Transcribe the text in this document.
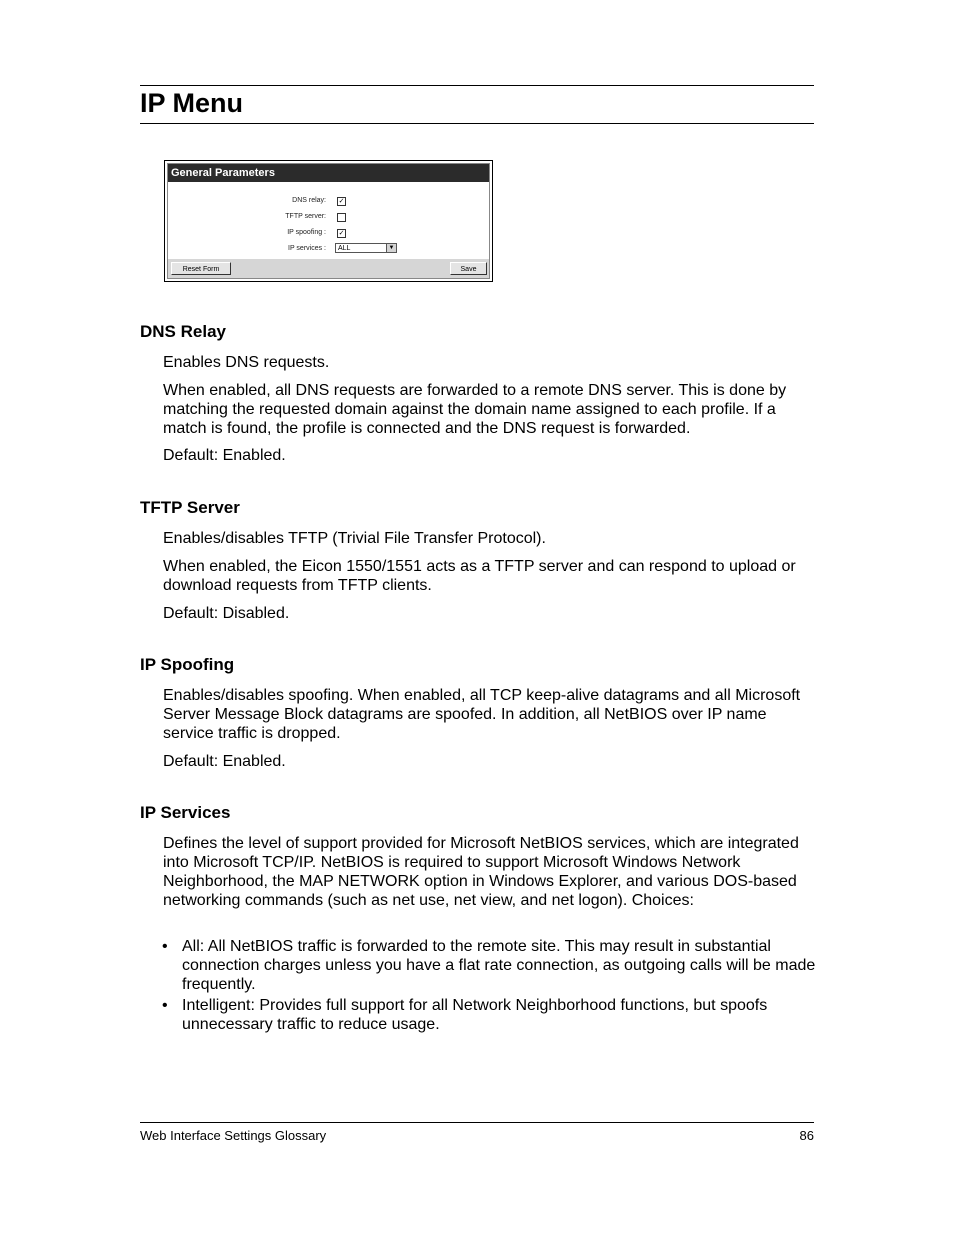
IP Menu
General Parameters
DNS relay: ✓
TFTP server:
IP spoofing : ✓
IP services :	ALL	▼
Reset Form	Save
DNS Relay

Enables DNS requests.

When enabled, all DNS requests are forwarded to a remote DNS server. This is done by matching the requested domain against the domain name assigned to each profile. If a match is found, the profile is connected and the DNS request is forwarded.

Default: Enabled.

TFTP Server

Enables/disables TFTP (Trivial File Transfer Protocol).

When enabled, the Eicon 1550/1551 acts as a TFTP server and can respond to upload or download requests from TFTP clients.

Default: Disabled.

IP Spoofing

Enables/disables spoofing. When enabled, all TCP keep-alive datagrams and all Microsoft Server Message Block datagrams are spoofed. In addition, all NetBIOS over IP name service traffic is dropped.

Default: Enabled.

IP Services

Defines the level of support provided for Microsoft NetBIOS services, which are integrated into Microsoft TCP/IP. NetBIOS is required to support Microsoft Windows Network Neighborhood, the MAP NETWORK option in Windows Explorer, and various DOS-based networking commands (such as net use, net view, and net logon). Choices:

• All: All NetBIOS traffic is forwarded to the remote site. This may result in substantial connection charges unless you have a flat rate connection, as outgoing calls will be made frequently.
• Intelligent: Provides full support for all Network Neighborhood functions, but spoofs unnecessary traffic to reduce usage.
Web Interface Settings Glossary	86
